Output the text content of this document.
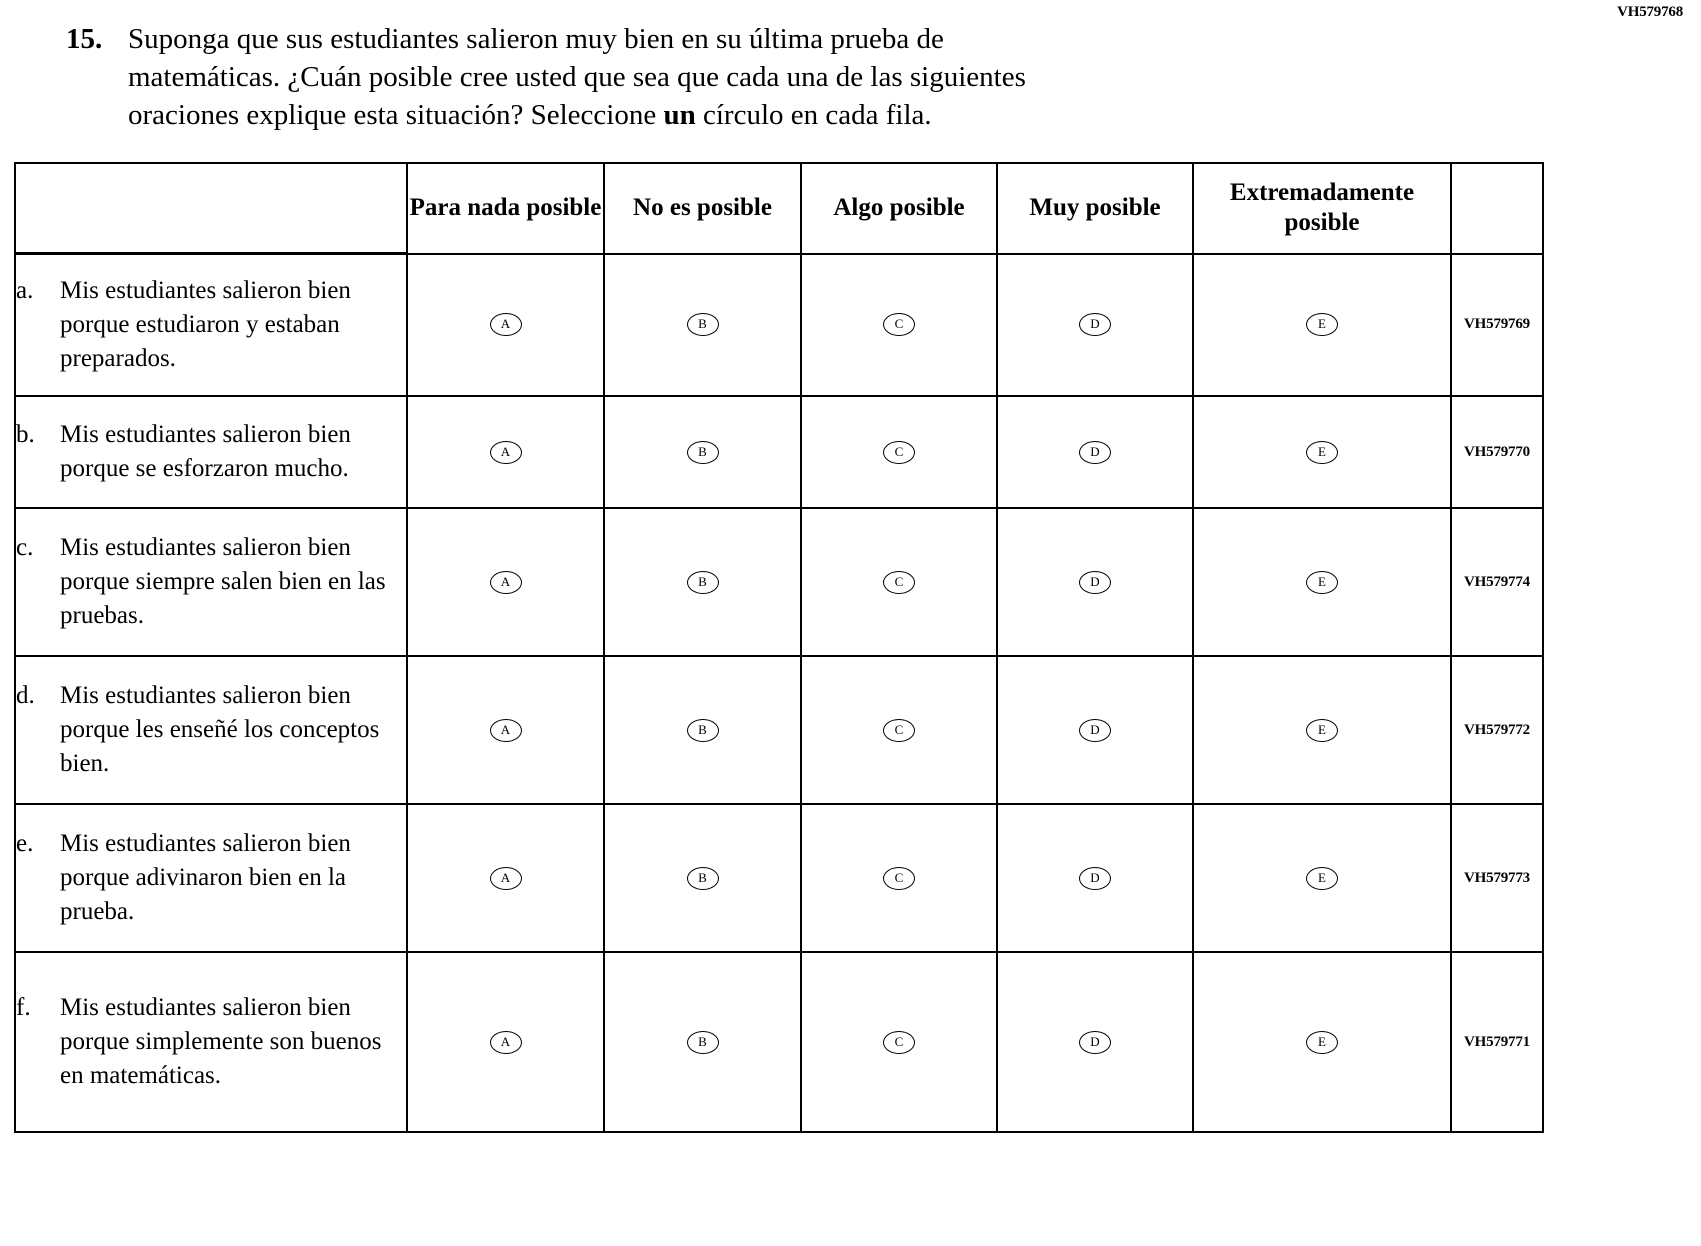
VH579768
15. Suponga que sus estudiantes salieron muy bien en su última prueba de
matemáticas. ¿Cuán posible cree usted que sea que cada una de las siguientes
oraciones explique esta situación? Seleccione un círculo en cada fila.
	Para nada posible	No es posible	Algo posible	Muy posible	Extremadamente posible	

a. Mis estudiantes salieron bien porque estudiaron y estaban preparados.	A	B	C	D	E	VH579769

b. Mis estudiantes salieron bien porque se esforzaron mucho.	A	B	C	D	E	VH579770

c. Mis estudiantes salieron bien porque siempre salen bien en las pruebas.	A	B	C	D	E	VH579774

d. Mis estudiantes salieron bien porque les enseñé los conceptos bien.	A	B	C	D	E	VH579772

e. Mis estudiantes salieron bien porque adivinaron bien en la prueba.	A	B	C	D	E	VH579773

f. Mis estudiantes salieron bien porque simplemente son buenos en matemáticas.	A	B	C	D	E	VH579771
